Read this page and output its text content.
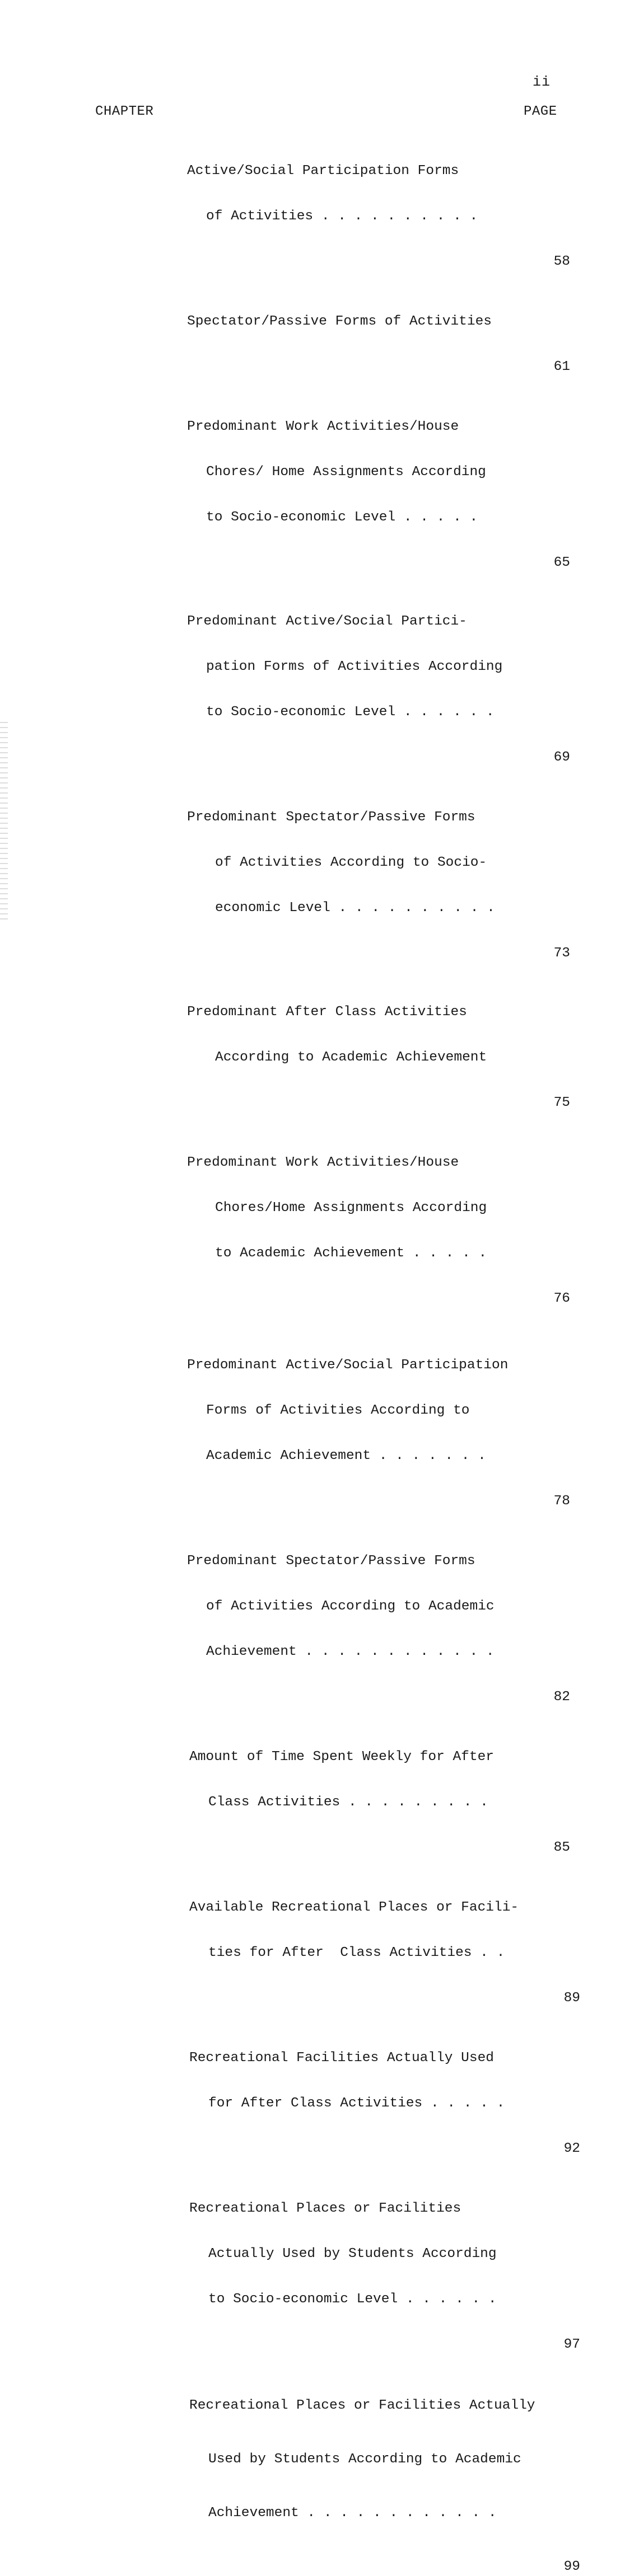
ii
CHAPTER	PAGE

Active/Social Participation Forms

of Activities . . . . . . . . . .

58

Spectator/Passive Forms of Activities

61

Predominant Work Activities/House

Chores/ Home Assignments According

to Socio-economic Level . . . . .

65

Predominant Active/Social Partici-

pation Forms of Activities According

to Socio-economic Level . . . . . .

69

Predominant Spectator/Passive Forms

of Activities According to Socio-

economic Level . . . . . . . . . .

73

Predominant After Class Activities

According to Academic Achievement

75

Predominant Work Activities/House

Chores/Home Assignments According

to Academic Achievement . . . . .

76

Predominant Active/Social Participation

Forms of Activities According to

Academic Achievement . . . . . . .

78

Predominant Spectator/Passive Forms

of Activities According to Academic

Achievement . . . . . . . . . . . .

82

Amount of Time Spent Weekly for After

Class Activities . . . . . . . . .

85

Available Recreational Places or Facili-

ties for After  Class Activities . .

89

Recreational Facilities Actually Used

for After Class Activities . . . . .

92

Recreational Places or Facilities

Actually Used by Students According

to Socio-economic Level . . . . . .

97

Recreational Places or Facilities Actually

Used by Students According to Academic

Achievement . . . . . . . . . . . .

99
